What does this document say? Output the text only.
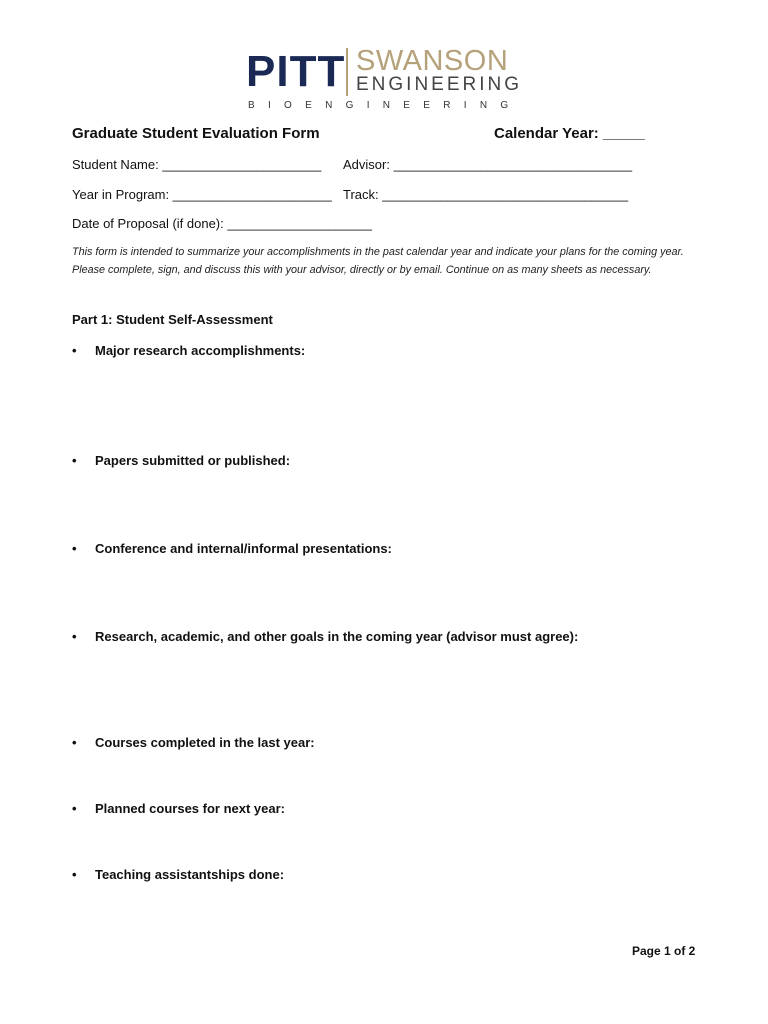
PITT SWANSON
ENGINEERING
BIOENGINEERING
Graduate Student Evaluation Form	Calendar Year: _____
Student Name: ______________________ Advisor: _________________________________
Year in Program: ______________________ Track: __________________________________
Date of Proposal (if done): ____________________
This form is intended to summarize your accomplishments in the past calendar year and indicate your plans for the coming year. Please complete, sign, and discuss this with your advisor, directly or by email. Continue on as many sheets as necessary.
Part 1: Student Self-Assessment
• Major research accomplishments:
• Papers submitted or published:
• Conference and internal/informal presentations:
• Research, academic, and other goals in the coming year (advisor must agree):
• Courses completed in the last year:
• Planned courses for next year:
• Teaching assistantships done:
Page 1 of 2
